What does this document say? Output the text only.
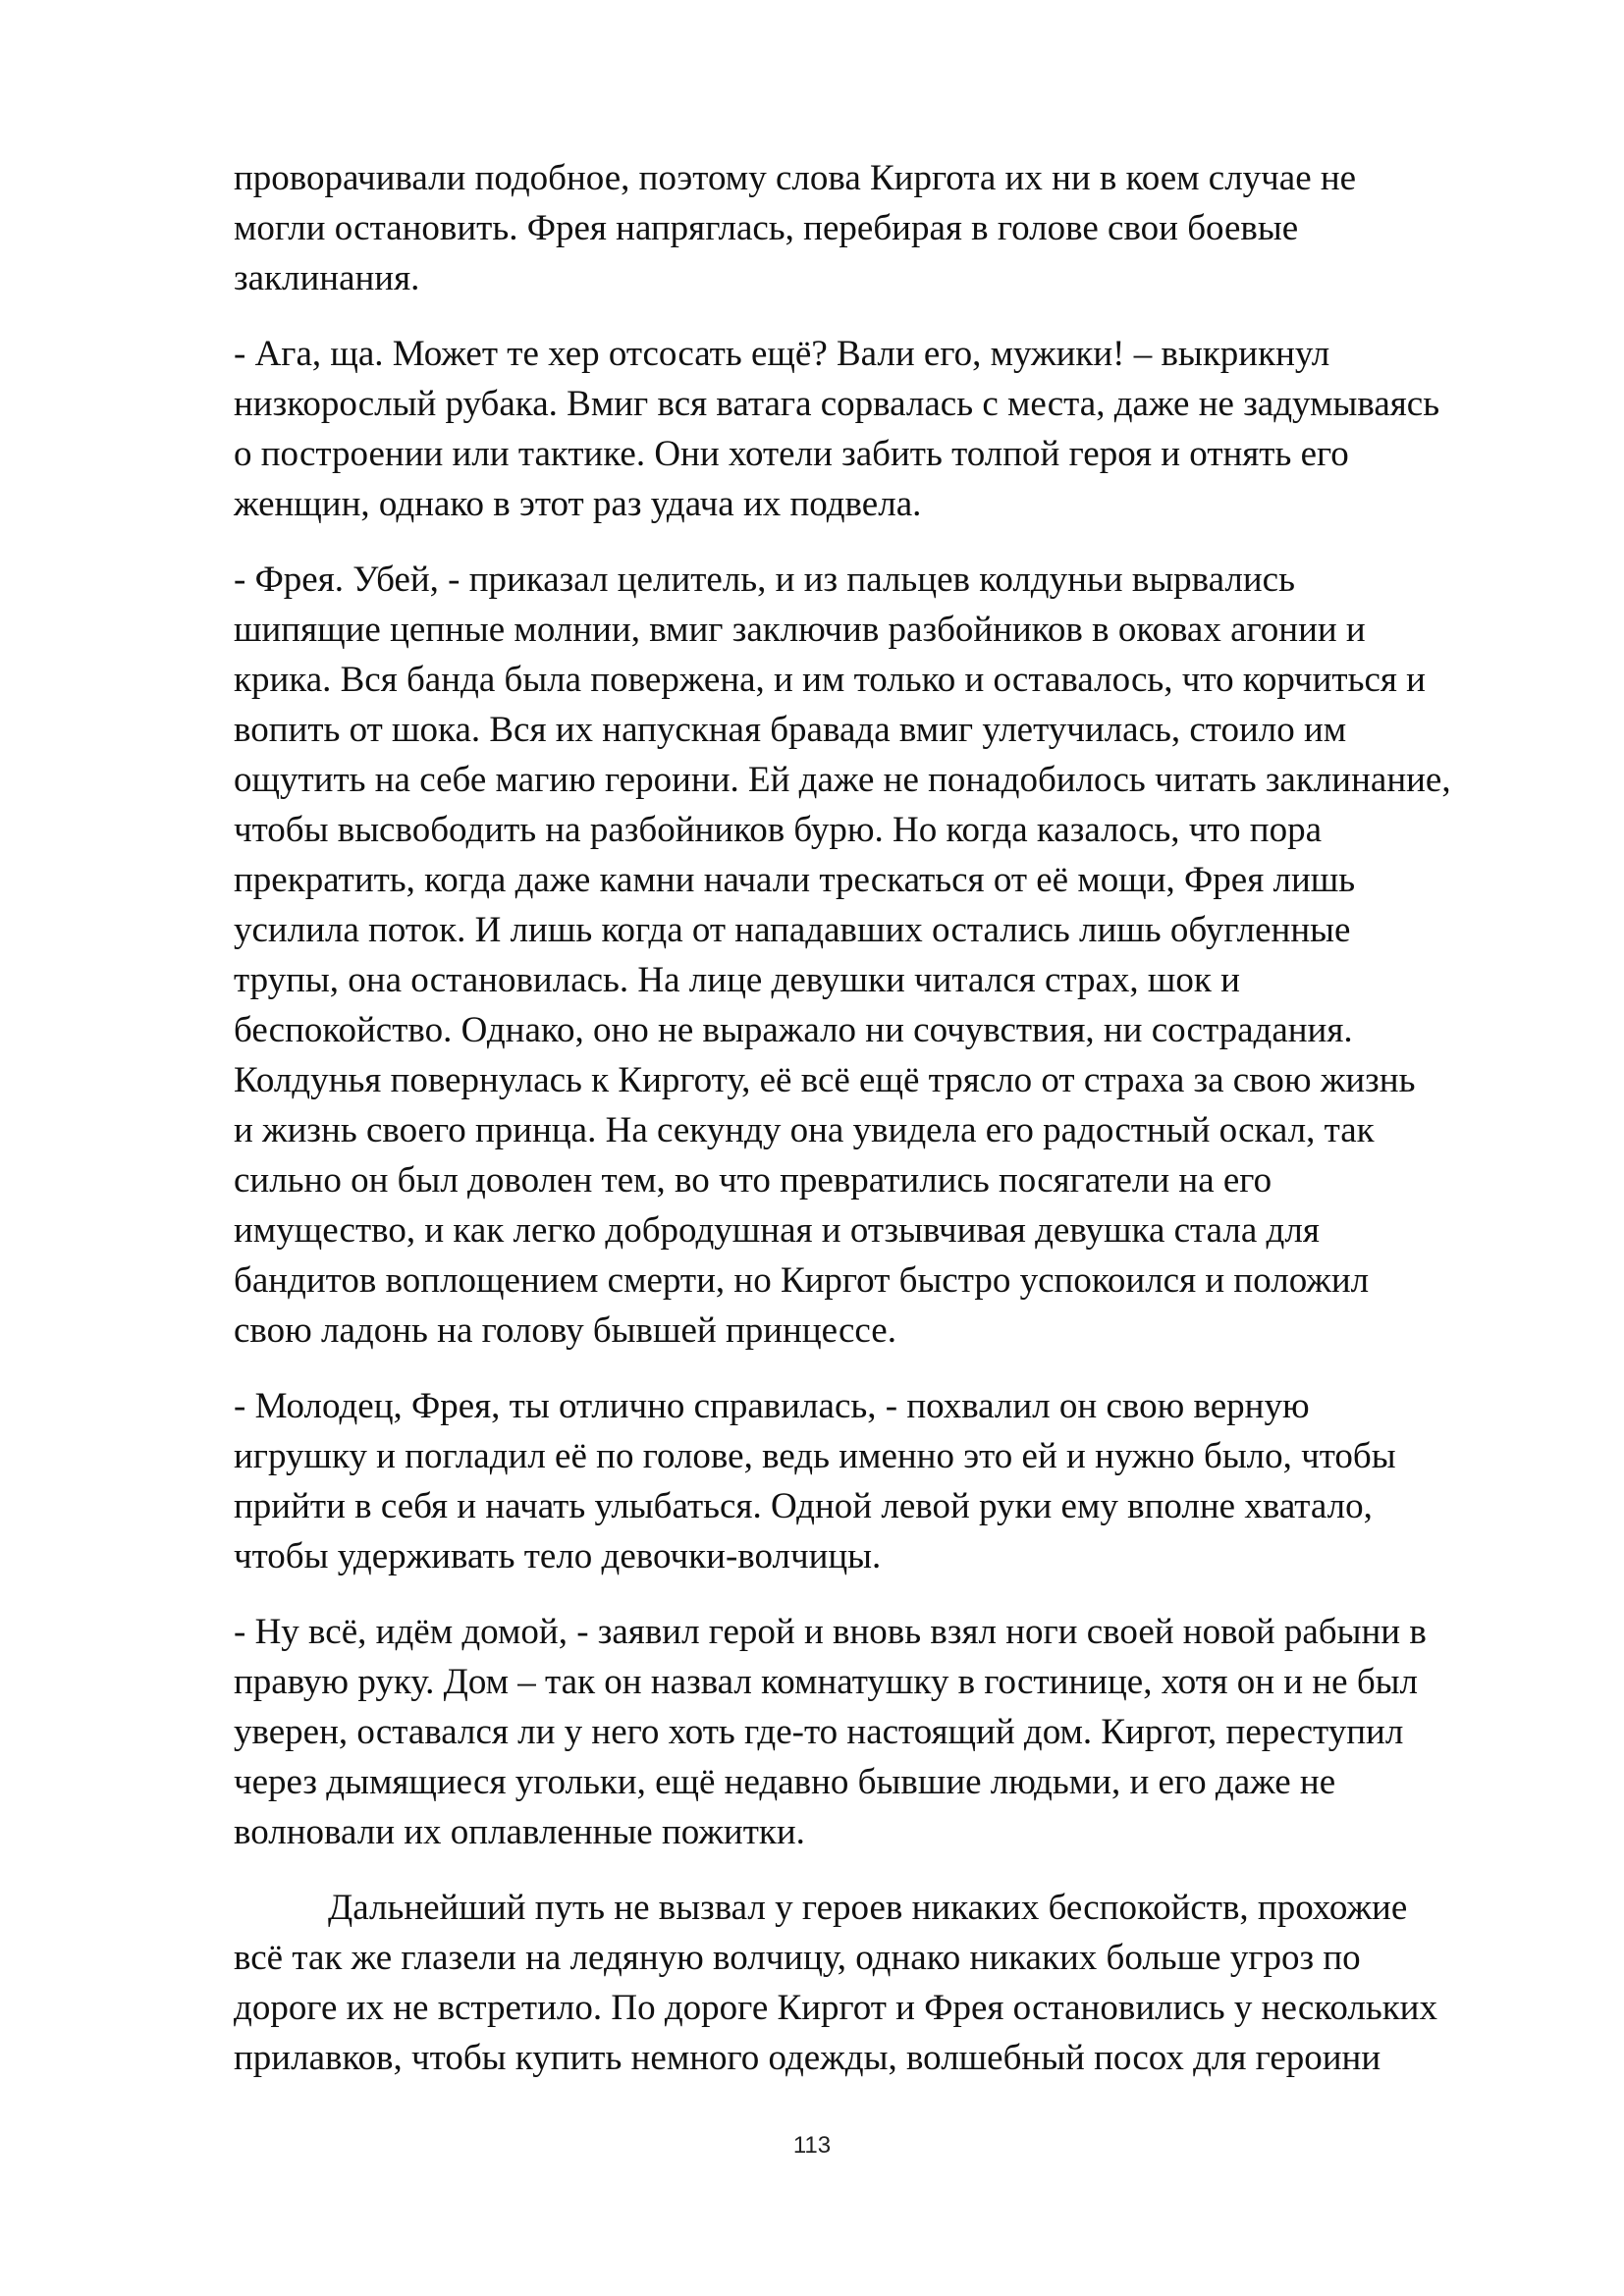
проворачивали подобное, поэтому слова Киргота их ни в коем случае не
могли остановить. Фрея напряглась, перебирая в голове свои боевые
заклинания.

- Ага, ща. Может те хер отсосать ещё? Вали его, мужики! – выкрикнул
низкорослый рубака. Вмиг вся ватага сорвалась с места, даже не задумываясь
о построении или тактике. Они хотели забить толпой героя и отнять его
женщин, однако в этот раз удача их подвела.

- Фрея. Убей, - приказал целитель, и из пальцев колдуньи вырвались
шипящие цепные молнии, вмиг заключив разбойников в оковах агонии и
крика. Вся банда была повержена, и им только и оставалось, что корчиться и
вопить от шока. Вся их напускная бравада вмиг улетучилась, стоило им
ощутить на себе магию героини. Ей даже не понадобилось читать заклинание,
чтобы высвободить на разбойников бурю. Но когда казалось, что пора
прекратить, когда даже камни начали трескаться от её мощи, Фрея лишь
усилила поток. И лишь когда от нападавших остались лишь обугленные
трупы, она остановилась. На лице девушки читался страх, шок и
беспокойство. Однако, оно не выражало ни сочувствия, ни сострадания.
Колдунья повернулась к Кирготу, её всё ещё трясло от страха за свою жизнь
и жизнь своего принца. На секунду она увидела его радостный оскал, так
сильно он был доволен тем, во что превратились посягатели на его
имущество, и как легко добродушная и отзывчивая девушка стала для
бандитов воплощением смерти, но Киргот быстро успокоился и положил
свою ладонь на голову бывшей принцессе.

- Молодец, Фрея, ты отлично справилась, - похвалил он свою верную
игрушку и погладил её по голове, ведь именно это ей и нужно было, чтобы
прийти в себя и начать улыбаться. Одной левой руки ему вполне хватало,
чтобы удерживать тело девочки-волчицы.

- Ну всё, идём домой, - заявил герой и вновь взял ноги своей новой рабыни в
правую руку. Дом – так он назвал комнатушку в гостинице, хотя он и не был
уверен, оставался ли у него хоть где-то настоящий дом. Киргот, переступил
через дымящиеся угольки, ещё недавно бывшие людьми, и его даже не
волновали их оплавленные пожитки.

Дальнейший путь не вызвал у героев никаких беспокойств, прохожие
всё так же глазели на ледяную волчицу, однако никаких больше угроз по
дороге их не встретило. По дороге Киргот и Фрея остановились у нескольких
прилавков, чтобы купить немного одежды, волшебный посох для героини

113
